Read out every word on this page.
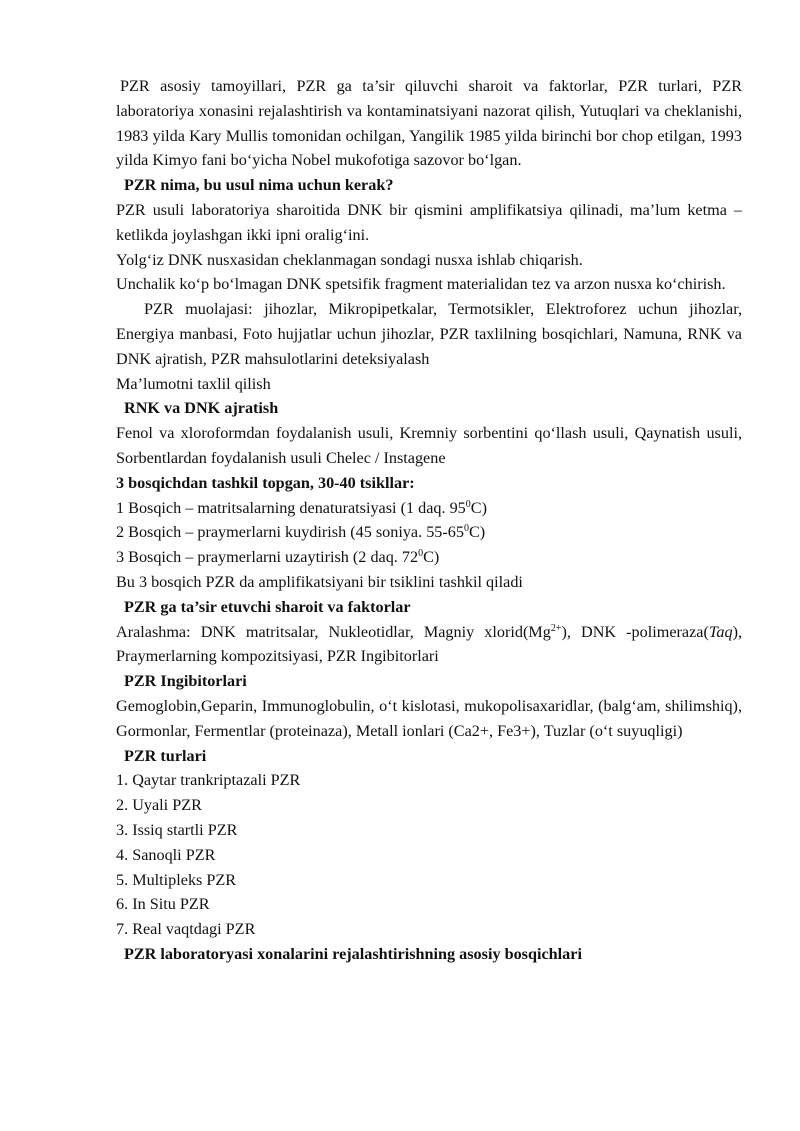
PZR asosiy tamoyillari, PZR ga ta’sir qiluvchi sharoit va faktorlar, PZR turlari, PZR laboratoriya xonasini rejalashtirish va kontaminatsiyani nazorat qilish, Yutuqlari va cheklanishi, 1983 yilda Kary Mullis tomonidan ochilgan, Yangilik 1985 yilda birinchi bor chop etilgan, 1993 yilda Kimyo fani bo‘yicha Nobel mukofotiga sazovor bo‘lgan.

PZR nima, bu usul nima uchun kerak?

PZR usuli laboratoriya sharoitida DNK bir qismini amplifikatsiya qilinadi, ma’lum ketma – ketlikda joylashgan ikki ipni oralig‘ini.

Yolg‘iz DNK nusxasidan cheklanmagan sondagi nusxa ishlab chiqarish.

Unchalik ko‘p bo‘lmagan DNK spetsifik fragment materialidan tez va arzon nusxa ko‘chirish.

PZR muolajasi: jihozlar, Mikropipetkalar, Termotsikler, Elektroforez uchun jihozlar, Energiya manbasi, Foto hujjatlar uchun jihozlar, PZR taxlilning bosqichlari, Namuna, RNK va DNK ajratish, PZR mahsulotlarini deteksiyalash

Ma’lumotni taxlil qilish

RNK va DNK ajratish

Fenol va xloroformdan foydalanish usuli, Kremniy sorbentini qo‘llash usuli, Qaynatish usuli, Sorbentlardan foydalanish usuli Chelec / Instagene

3 bosqichdan tashkil topgan, 30-40 tsikllar:

1 Bosqich – matritsalarning denaturatsiyasi (1 daq. $95^0C$)

2 Bosqich – praymerlarni kuydirish (45 soniya. $55-65^0C$)

3 Bosqich – praymerlarni uzaytirish (2 daq. $72^0C$)

Bu 3 bosqich PZR da amplifikatsiyani bir tsiklini tashkil qiladi

PZR ga ta’sir etuvchi sharoit va faktorlar

Aralashma: DNK matritsalar, Nukleotidlar, Magniy $xlorid(Mg^{2+})$, DNK -polimeraza(Taq), Praymerlarning kompozitsiyasi, PZR Ingibitorlari

PZR Ingibitorlari

Gemoglobin,Geparin, Immunoglobulin, o‘t kislotasi, mukopolisaxaridlar, (balg‘am, shilimshiq), Gormonlar, Fermentlar (proteinaza), Metall ionlari (Ca2+, Fe3+), Tuzlar (o‘t suyuqligi)

PZR turlari

1. Qaytar trankriptazali PZR
2. Uyali PZR
3. Issiq startli PZR
4. Sanoqli PZR
5. Multipleks PZR
6. In Situ PZR
7. Real vaqtdagi PZR

PZR laboratoryasi xonalarini rejalashtirishning asosiy bosqichlari
